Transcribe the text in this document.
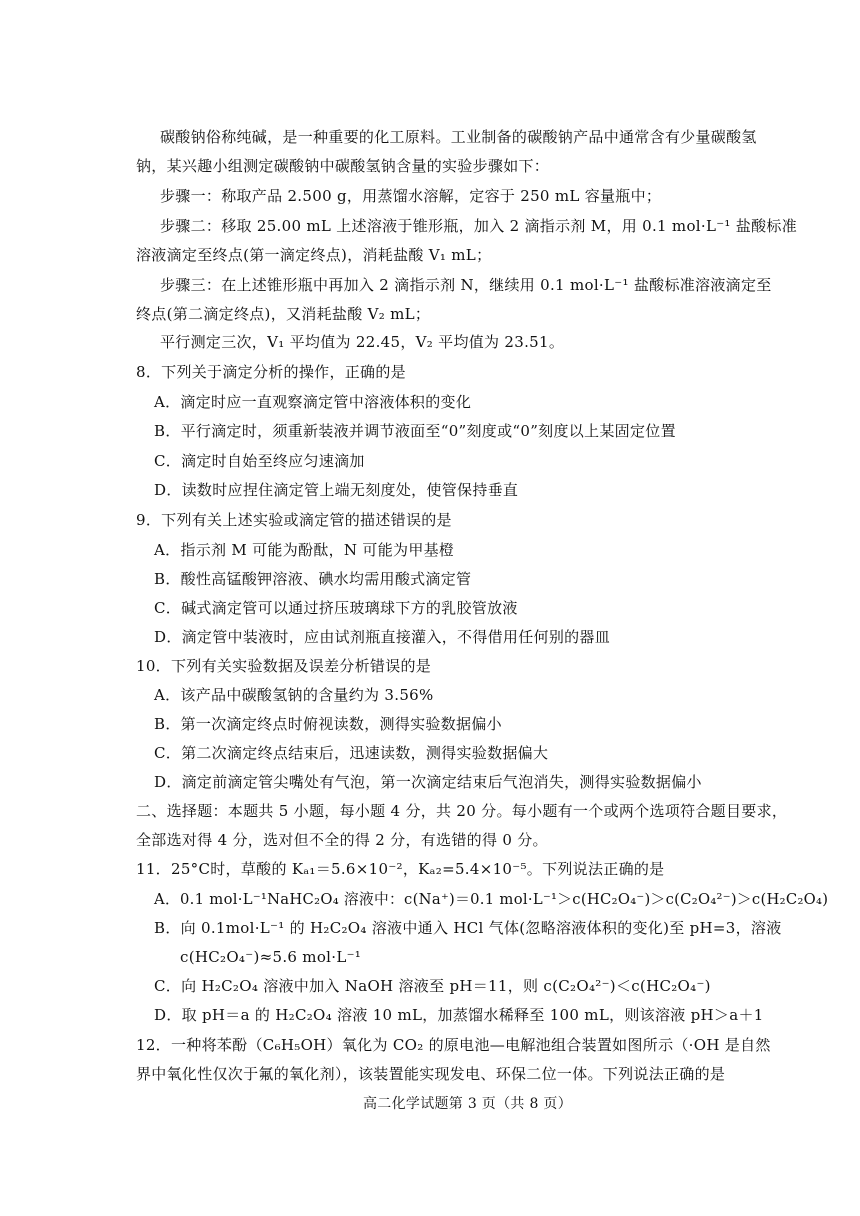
碳酸钠俗称纯碱，是一种重要的化工原料。工业制备的碳酸钠产品中通常含有少量碳酸氢
钠，某兴趣小组测定碳酸钠中碳酸氢钠含量的实验步骤如下：
步骤一：称取产品 2.500 g，用蒸馏水溶解，定容于 250 mL 容量瓶中；
步骤二：移取 25.00 mL 上述溶液于锥形瓶，加入 2 滴指示剂 M，用 0.1 mol·L⁻¹ 盐酸标准
溶液滴定至终点(第一滴定终点)，消耗盐酸 V₁ mL；
步骤三：在上述锥形瓶中再加入 2 滴指示剂 N，继续用 0.1 mol·L⁻¹ 盐酸标准溶液滴定至
终点(第二滴定终点)，又消耗盐酸 V₂ mL；
平行测定三次，V₁ 平均值为 22.45，V₂ 平均值为 23.51。
8．下列关于滴定分析的操作，正确的是
A．滴定时应一直观察滴定管中溶液体积的变化
B．平行滴定时，须重新装液并调节液面至“0”刻度或“0”刻度以上某固定位置
C．滴定时自始至终应匀速滴加
D．读数时应捏住滴定管上端无刻度处，使管保持垂直
9．下列有关上述实验或滴定管的描述错误的是
A．指示剂 M 可能为酚酞，N 可能为甲基橙
B．酸性高锰酸钾溶液、碘水均需用酸式滴定管
C．碱式滴定管可以通过挤压玻璃球下方的乳胶管放液
D．滴定管中装液时，应由试剂瓶直接灌入，不得借用任何别的器皿
10．下列有关实验数据及误差分析错误的是
A．该产品中碳酸氢钠的含量约为 3.56%
B．第一次滴定终点时俯视读数，测得实验数据偏小
C．第二次滴定终点结束后，迅速读数，测得实验数据偏大
D．滴定前滴定管尖嘴处有气泡，第一次滴定结束后气泡消失，测得实验数据偏小
二、选择题：本题共 5 小题，每小题 4 分，共 20 分。每小题有一个或两个选项符合题目要求，
全部选对得 4 分，选对但不全的得 2 分，有选错的得 0 分。
11．25°C时，草酸的 Kₐ₁＝5.6×10⁻²，Kₐ₂=5.4×10⁻⁵。下列说法正确的是
A．0.1 mol·L⁻¹NaHC₂O₄ 溶液中：c(Na⁺)＝0.1 mol·L⁻¹＞c(HC₂O₄⁻)＞c(C₂O₄²⁻)＞c(H₂C₂O₄)
B．向 0.1mol·L⁻¹ 的 H₂C₂O₄ 溶液中通入 HCl 气体(忽略溶液体积的变化)至 pH=3，溶液
c(HC₂O₄⁻)≈5.6 mol·L⁻¹
C．向 H₂C₂O₄ 溶液中加入 NaOH 溶液至 pH＝11，则 c(C₂O₄²⁻)＜c(HC₂O₄⁻)
D．取 pH＝a 的 H₂C₂O₄ 溶液 10 mL，加蒸馏水稀释至 100 mL，则该溶液 pH＞a＋1
12．一种将苯酚（C₆H₅OH）氧化为 CO₂ 的原电池—电解池组合装置如图所示（·OH 是自然
界中氧化性仅次于氟的氧化剂），该装置能实现发电、环保二位一体。下列说法正确的是
高二化学试题第 3 页（共 8 页）
